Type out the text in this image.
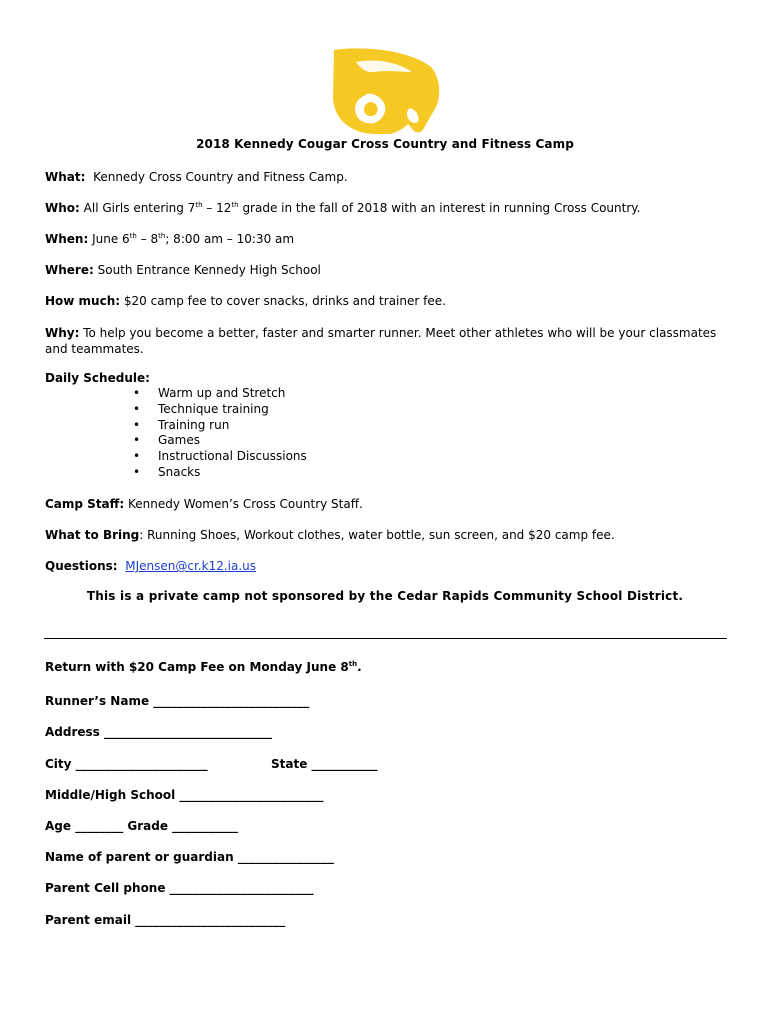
2018 Kennedy Cougar Cross Country and Fitness Camp
What: Kennedy Cross Country and Fitness Camp.
Who: All Girls entering 7th – 12th grade in the fall of 2018 with an interest in running Cross Country.
When: June 6th – 8th; 8:00 am – 10:30 am
Where: South Entrance Kennedy High School
How much: $20 camp fee to cover snacks, drinks and trainer fee.
Why: To help you become a better, faster and smarter runner. Meet other athletes who will be your classmates and teammates.
Daily Schedule:
• Warm up and Stretch
• Technique training
• Training run
• Games
• Instructional Discussions
• Snacks
Camp Staff: Kennedy Women’s Cross Country Staff.
What to Bring: Running Shoes, Workout clothes, water bottle, sun screen, and $20 camp fee.
Questions: MJensen@cr.k12.ia.us
This is a private camp not sponsored by the Cedar Rapids Community School District.
Return with $20 Camp Fee on Monday June 8th.
Runner’s Name __________________________
Address ____________________________
City ______________________	State ___________
Middle/High School ________________________
Age ________ Grade ___________
Name of parent or guardian ________________
Parent Cell phone ________________________
Parent email _________________________
